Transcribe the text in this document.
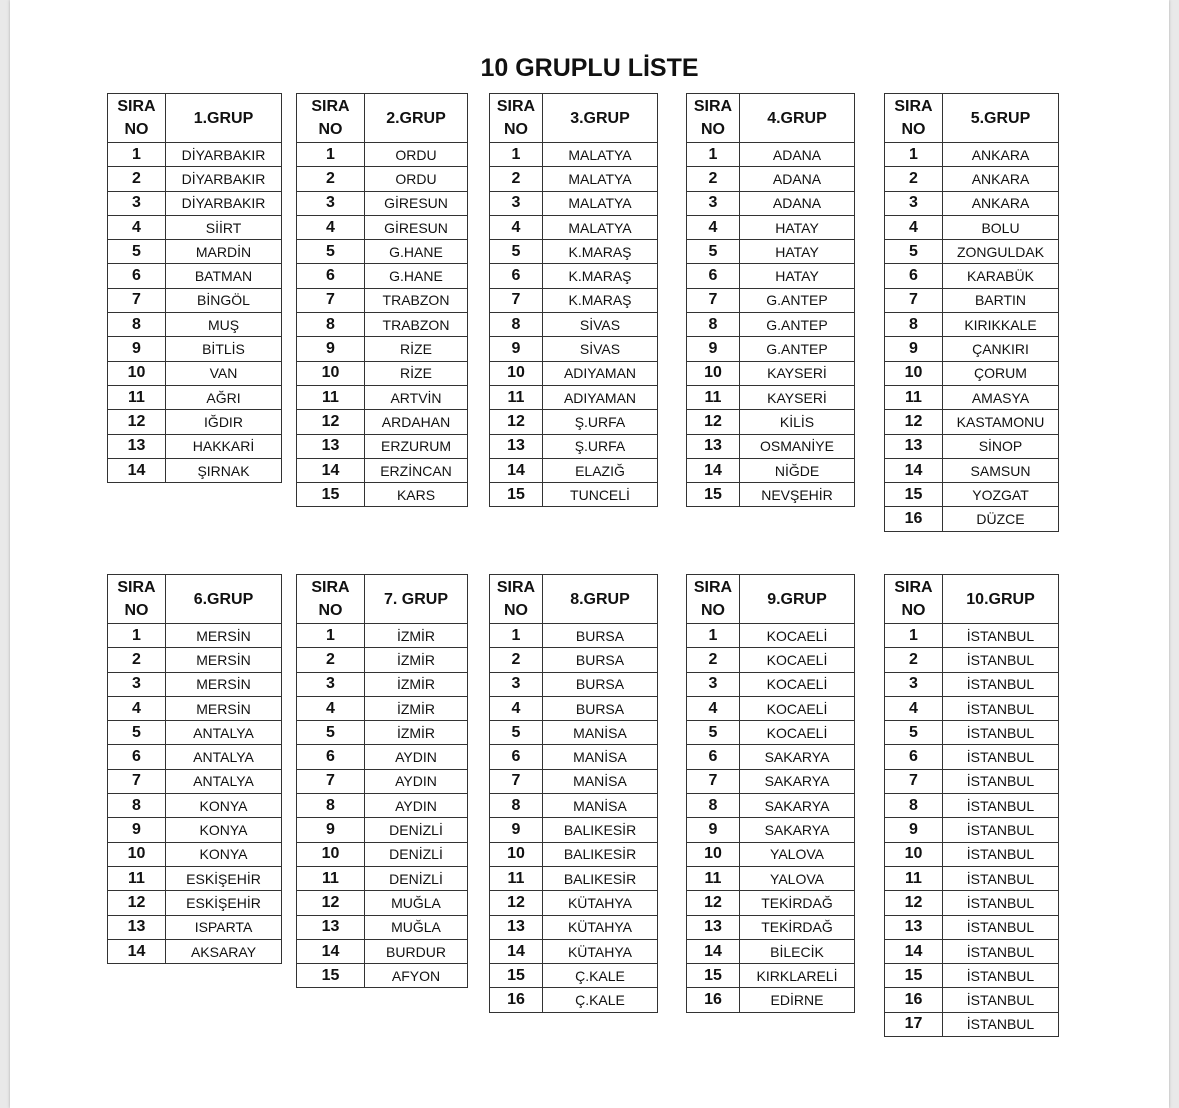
10 GRUPLU LİSTE
SIRA
NO	1.GRUP
1	DİYARBAKIR
2	DİYARBAKIR
3	DİYARBAKIR
4	SİİRT
5	MARDİN
6	BATMAN
7	BİNGÖL
8	MUŞ
9	BİTLİS
10	VAN
11	AĞRI
12	IĞDIR
13	HAKKARİ
14	ŞIRNAK
SIRA
NO	2.GRUP
1	ORDU
2	ORDU
3	GİRESUN
4	GİRESUN
5	G.HANE
6	G.HANE
7	TRABZON
8	TRABZON
9	RİZE
10	RİZE
11	ARTVİN
12	ARDAHAN
13	ERZURUM
14	ERZİNCAN
15	KARS
SIRA
NO	3.GRUP
1	MALATYA
2	MALATYA
3	MALATYA
4	MALATYA
5	K.MARAŞ
6	K.MARAŞ
7	K.MARAŞ
8	SİVAS
9	SİVAS
10	ADIYAMAN
11	ADIYAMAN
12	Ş.URFA
13	Ş.URFA
14	ELAZIĞ
15	TUNCELİ
SIRA
NO	4.GRUP
1	ADANA
2	ADANA
3	ADANA
4	HATAY
5	HATAY
6	HATAY
7	G.ANTEP
8	G.ANTEP
9	G.ANTEP
10	KAYSERİ
11	KAYSERİ
12	KİLİS
13	OSMANİYE
14	NİĞDE
15	NEVŞEHİR
SIRA
NO	5.GRUP
1	ANKARA
2	ANKARA
3	ANKARA
4	BOLU
5	ZONGULDAK
6	KARABÜK
7	BARTIN
8	KIRIKKALE
9	ÇANKIRI
10	ÇORUM
11	AMASYA
12	KASTAMONU
13	SİNOP
14	SAMSUN
15	YOZGAT
16	DÜZCE
SIRA
NO	6.GRUP
1	MERSİN
2	MERSİN
3	MERSİN
4	MERSİN
5	ANTALYA
6	ANTALYA
7	ANTALYA
8	KONYA
9	KONYA
10	KONYA
11	ESKİŞEHİR
12	ESKİŞEHİR
13	ISPARTA
14	AKSARAY
SIRA
NO	7. GRUP
1	İZMİR
2	İZMİR
3	İZMİR
4	İZMİR
5	İZMİR
6	AYDIN
7	AYDIN
8	AYDIN
9	DENİZLİ
10	DENİZLİ
11	DENİZLİ
12	MUĞLA
13	MUĞLA
14	BURDUR
15	AFYON
SIRA
NO	8.GRUP
1	BURSA
2	BURSA
3	BURSA
4	BURSA
5	MANİSA
6	MANİSA
7	MANİSA
8	MANİSA
9	BALIKESİR
10	BALIKESİR
11	BALIKESİR
12	KÜTAHYA
13	KÜTAHYA
14	KÜTAHYA
15	Ç.KALE
16	Ç.KALE
SIRA
NO	9.GRUP
1	KOCAELİ
2	KOCAELİ
3	KOCAELİ
4	KOCAELİ
5	KOCAELİ
6	SAKARYA
7	SAKARYA
8	SAKARYA
9	SAKARYA
10	YALOVA
11	YALOVA
12	TEKİRDAĞ
13	TEKİRDAĞ
14	BİLECİK
15	KIRKLARELİ
16	EDİRNE
SIRA
NO	10.GRUP
1	İSTANBUL
2	İSTANBUL
3	İSTANBUL
4	İSTANBUL
5	İSTANBUL
6	İSTANBUL
7	İSTANBUL
8	İSTANBUL
9	İSTANBUL
10	İSTANBUL
11	İSTANBUL
12	İSTANBUL
13	İSTANBUL
14	İSTANBUL
15	İSTANBUL
16	İSTANBUL
17	İSTANBUL
